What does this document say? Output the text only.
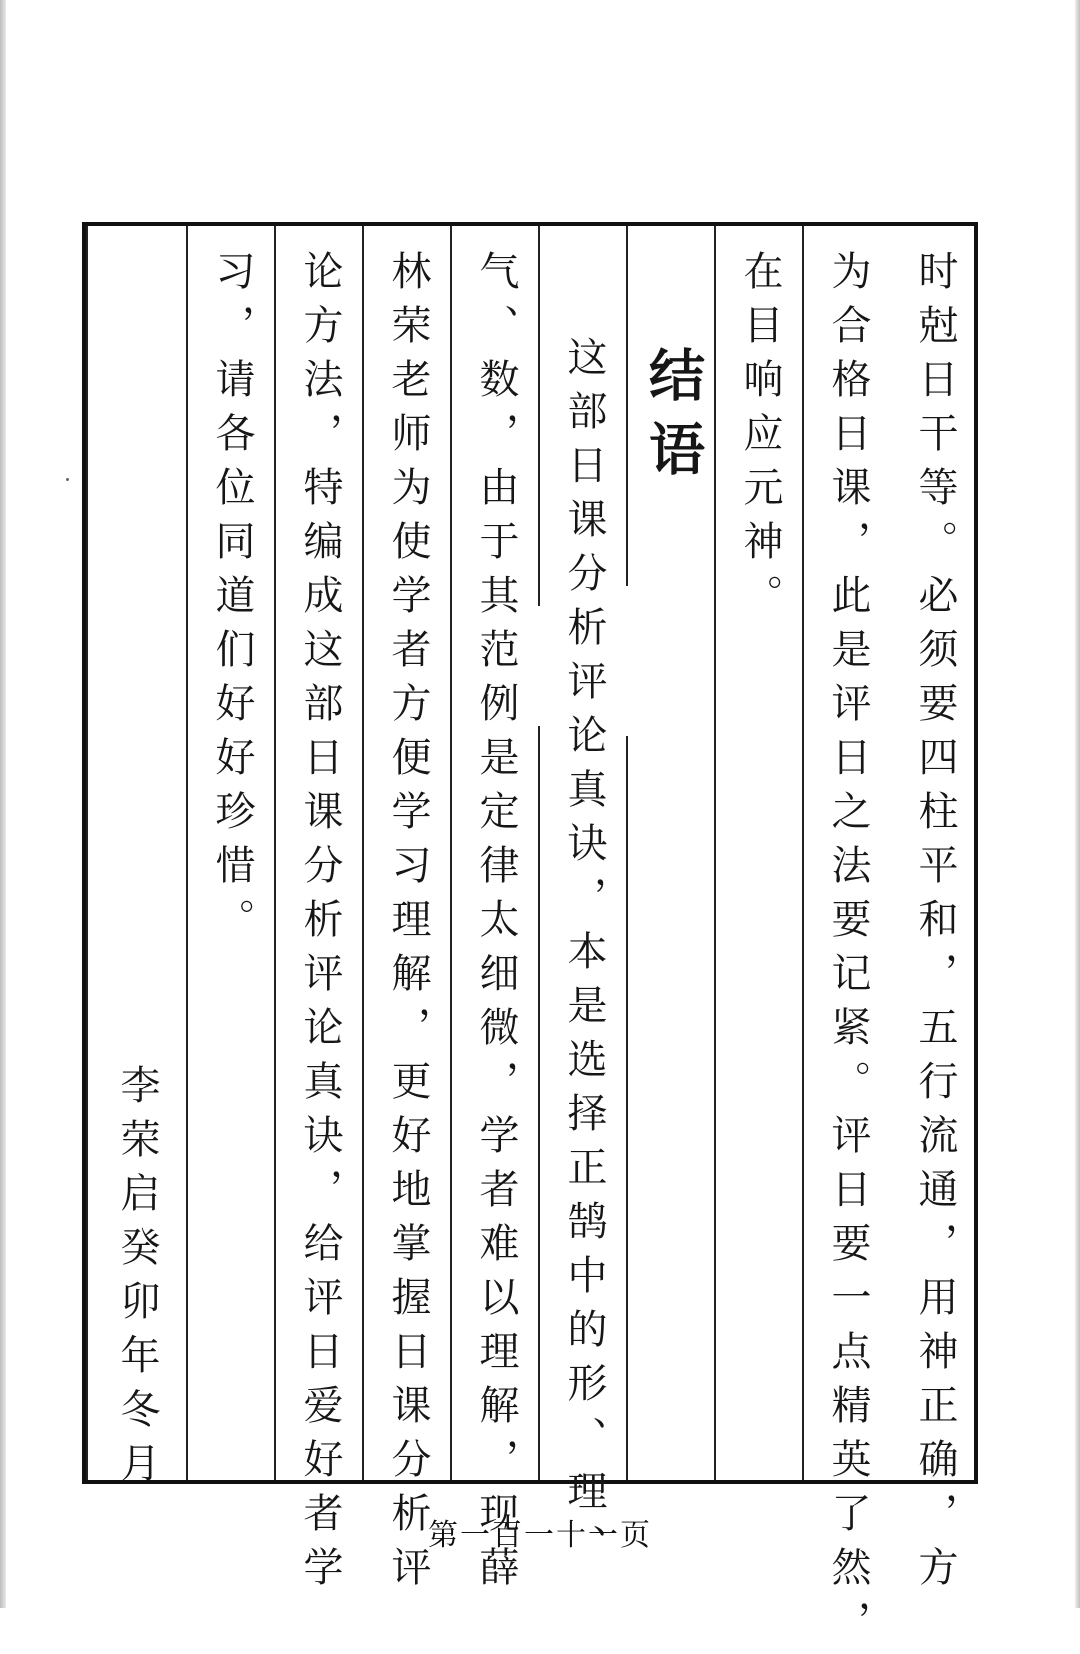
时尅日干等。必须要四柱平和，五行流通，用神正确，方
为合格日课，此是评日之法要记紧。评日要一点精英了然，
在目响应元神。
结语
这部日课分析评论真诀，本是选择正鹄中的形、理、
气、数，由于其范例是定律太细微，学者难以理解，现薛
林荣老师为使学者方便学习理解，更好地掌握日课分析评
论方法，特编成这部日课分析评论真诀，给评日爱好者学
习，请各位同道们好好珍惜。
李荣启癸卯年冬月
第一百一十一页
